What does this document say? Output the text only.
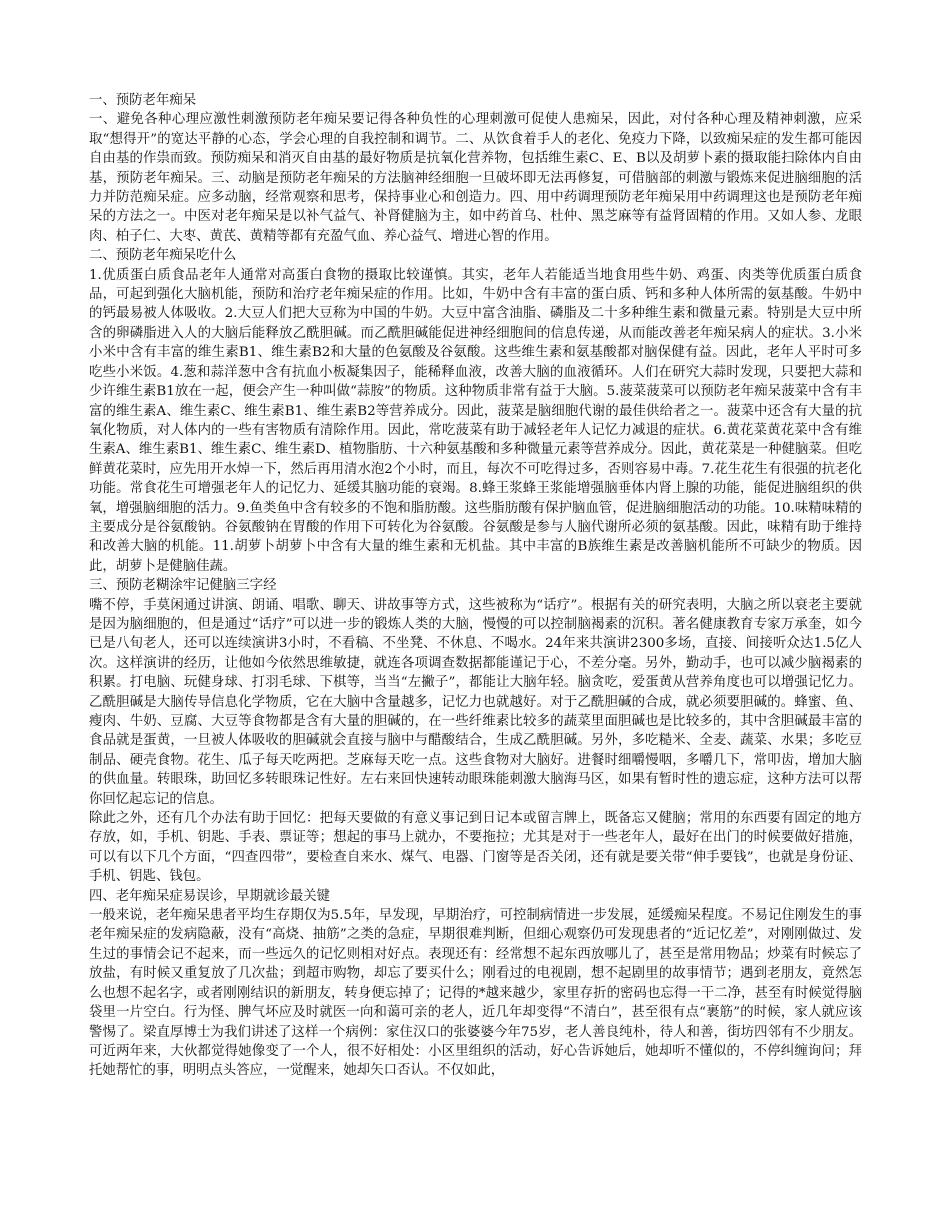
一、预防老年痴呆

一、避免各种心理应激性刺激预防老年痴呆要记得各种负性的心理刺激可促使人患痴呆，因此，对付各种心理及精神刺激，应采取“想得开”的宽达平静的心态，学会心理的自我控制和调节。二、从饮食着手人的老化、免疫力下降，以致痴呆症的发生都可能因自由基的作祟而致。预防痴呆和消灭自由基的最好物质是抗氧化营养物，包括维生素C、E、B以及胡萝卜素的摄取能扫除体内自由基，预防老年痴呆。三、动脑是预防老年痴呆的方法脑神经细胞一旦破坏即无法再修复，可借脑部的刺激与锻炼来促进脑细胞的活力并防范痴呆症。应多动脑，经常观察和思考，保持事业心和创造力。四、用中药调理预防老年痴呆用中药调理这也是预防老年痴呆的方法之一。中医对老年痴呆是以补气益气、补肾健脑为主，如中药首乌、杜仲、黑芝麻等有益肾固精的作用。又如人参、龙眼肉、柏子仁、大枣、黄芪、黄精等都有充盈气血、养心益气、增进心智的作用。

二、预防老年痴呆吃什么

1.优质蛋白质食品老年人通常对高蛋白食物的摄取比较谨慎。其实，老年人若能适当地食用些牛奶、鸡蛋、肉类等优质蛋白质食品，可起到强化大脑机能，预防和治疗老年痴呆症的作用。比如，牛奶中含有丰富的蛋白质、钙和多种人体所需的氨基酸。牛奶中的钙最易被人体吸收。2.大豆人们把大豆称为中国的牛奶。大豆中富含油脂、磷脂及二十多种维生素和微量元素。特别是大豆中所含的卵磷脂进入人的大脑后能释放乙酰胆碱。而乙酰胆碱能促进神经细胞间的信息传递，从而能改善老年痴呆病人的症状。3.小米小米中含有丰富的维生素B1、维生素B2和大量的色氨酸及谷氨酸。这些维生素和氨基酸都对脑保健有益。因此，老年人平时可多吃些小米饭。4.葱和蒜洋葱中含有抗血小板凝集因子，能稀释血液，改善大脑的血液循环。人们在研究大蒜时发现，只要把大蒜和少许维生素B1放在一起，便会产生一种叫做“蒜胺”的物质。这种物质非常有益于大脑。5.菠菜菠菜可以预防老年痴呆菠菜中含有丰富的维生素A、维生素C、维生素B1、维生素B2等营养成分。因此，菠菜是脑细胞代谢的最佳供给者之一。菠菜中还含有大量的抗氧化物质，对人体内的一些有害物质有清除作用。因此，常吃菠菜有助于减轻老年人记忆力减退的症状。6.黄花菜黄花菜中含有维生素A、维生素B1、维生素C、维生素D、植物脂肪、十六种氨基酸和多种微量元素等营养成分。因此，黄花菜是一种健脑菜。但吃鲜黄花菜时，应先用开水焯一下，然后再用清水泡2个小时，而且，每次不可吃得过多，否则容易中毒。7.花生花生有很强的抗老化功能。常食花生可增强老年人的记忆力、延缓其脑功能的衰竭。8.蜂王浆蜂王浆能增强脑垂体内肾上腺的功能，能促进脑组织的供氧，增强脑细胞的活力。9.鱼类鱼中含有较多的不饱和脂肪酸。这些脂肪酸有保护脑血管，促进脑细胞活动的功能。10.味精味精的主要成分是谷氨酸钠。谷氨酸钠在胃酸的作用下可转化为谷氨酸。谷氨酸是参与人脑代谢所必须的氨基酸。因此，味精有助于维持和改善大脑的机能。11.胡萝卜胡萝卜中含有大量的维生素和无机盐。其中丰富的B族维生素是改善脑机能所不可缺少的物质。因此，胡萝卜是健脑佳蔬。

三、预防老糊涂牢记健脑三字经

嘴不停，手莫闲通过讲演、朗诵、唱歌、聊天、讲故事等方式，这些被称为“话疗”。根据有关的研究表明，大脑之所以衰老主要就是因为脑细胞的，但是通过“话疗”可以进一步的锻炼人类的大脑，慢慢的可以控制脑褐素的沉积。著名健康教育专家万承奎，如今已是八旬老人，还可以连续演讲3小时，不看稿、不坐凳、不休息、不喝水。24年来共演讲2300多场，直接、间接听众达1.5亿人次。这样演讲的经历，让他如今依然思维敏捷，就连各项调查数据都能谨记于心，不差分毫。另外，勤动手，也可以减少脑褐素的积累。打电脑、玩健身球、打羽毛球、下棋等，当当“左撇子”，都能让大脑年轻。脑贪吃，爱蛋黄从营养角度也可以增强记忆力。乙酰胆碱是大脑传导信息化学物质，它在大脑中含量越多，记忆力也就越好。对于乙酰胆碱的合成，就必须要胆碱的。蜂蜜、鱼、瘦肉、牛奶、豆腐、大豆等食物都是含有大量的胆碱的，在一些纤维素比较多的蔬菜里面胆碱也是比较多的，其中含胆碱最丰富的食品就是蛋黄，一旦被人体吸收的胆碱就会直接与脑中与醋酸结合，生成乙酰胆碱。另外，多吃糙米、全麦、蔬菜、水果；多吃豆制品、硬壳食物。花生、瓜子每天吃两把。芝麻每天吃一点。这些食物对大脑好。进餐时细嚼慢咽，多嚼几下，常叩齿，增加大脑的供血量。转眼珠，助回忆多转眼珠记性好。左右来回快速转动眼珠能刺激大脑海马区，如果有暂时性的遗忘症，这种方法可以帮你回忆起忘记的信息。

除此之外，还有几个办法有助于回忆：把每天要做的有意义事记到日记本或留言牌上，既备忘又健脑；常用的东西要有固定的地方存放，如，手机、钥匙、手表、票证等；想起的事马上就办，不要拖拉；尤其是对于一些老年人，最好在出门的时候要做好措施，可以有以下几个方面，“四查四带”，要检查自来水、煤气、电器、门窗等是否关闭，还有就是要关带“伸手要钱”，也就是身份证、手机、钥匙、钱包。

四、老年痴呆症易误诊，早期就诊最关键

一般来说，老年痴呆患者平均生存期仅为5.5年，早发现，早期治疗，可控制病情进一步发展，延缓痴呆程度。不易记住刚发生的事老年痴呆症的发病隐蔽，没有“高烧、抽筋”之类的急症，早期很难判断，但细心观察仍可发现患者的“近记忆差”，对刚刚做过、发生过的事情会记不起来，而一些远久的记忆则相对好点。表现还有：经常想不起东西放哪儿了，甚至是常用物品；炒菜有时候忘了放盐，有时候又重复放了几次盐；到超市购物，却忘了要买什么；刚看过的电视剧，想不起剧里的故事情节；遇到老朋友，竟然怎么也想不起名字，或者刚刚结识的新朋友，转身便忘掉了；记得的*越来越少，家里存折的密码也忘得一干二净，甚至有时候觉得脑袋里一片空白。行为怪、脾气坏应及时就医一向和蔼可亲的老人，近几年却变得“不清白”，甚至很有点“裹筋”的时候，家人就应该警惕了。梁直厚博士为我们讲述了这样一个病例：家住汉口的张婆婆今年75岁，老人善良纯朴，待人和善，街坊四邻有不少朋友。可近两年来，大伙都觉得她像变了一个人，很不好相处：小区里组织的活动，好心告诉她后，她却听不懂似的，不停纠缠询问；拜托她帮忙的事，明明点头答应，一觉醒来，她却矢口否认。不仅如此，
